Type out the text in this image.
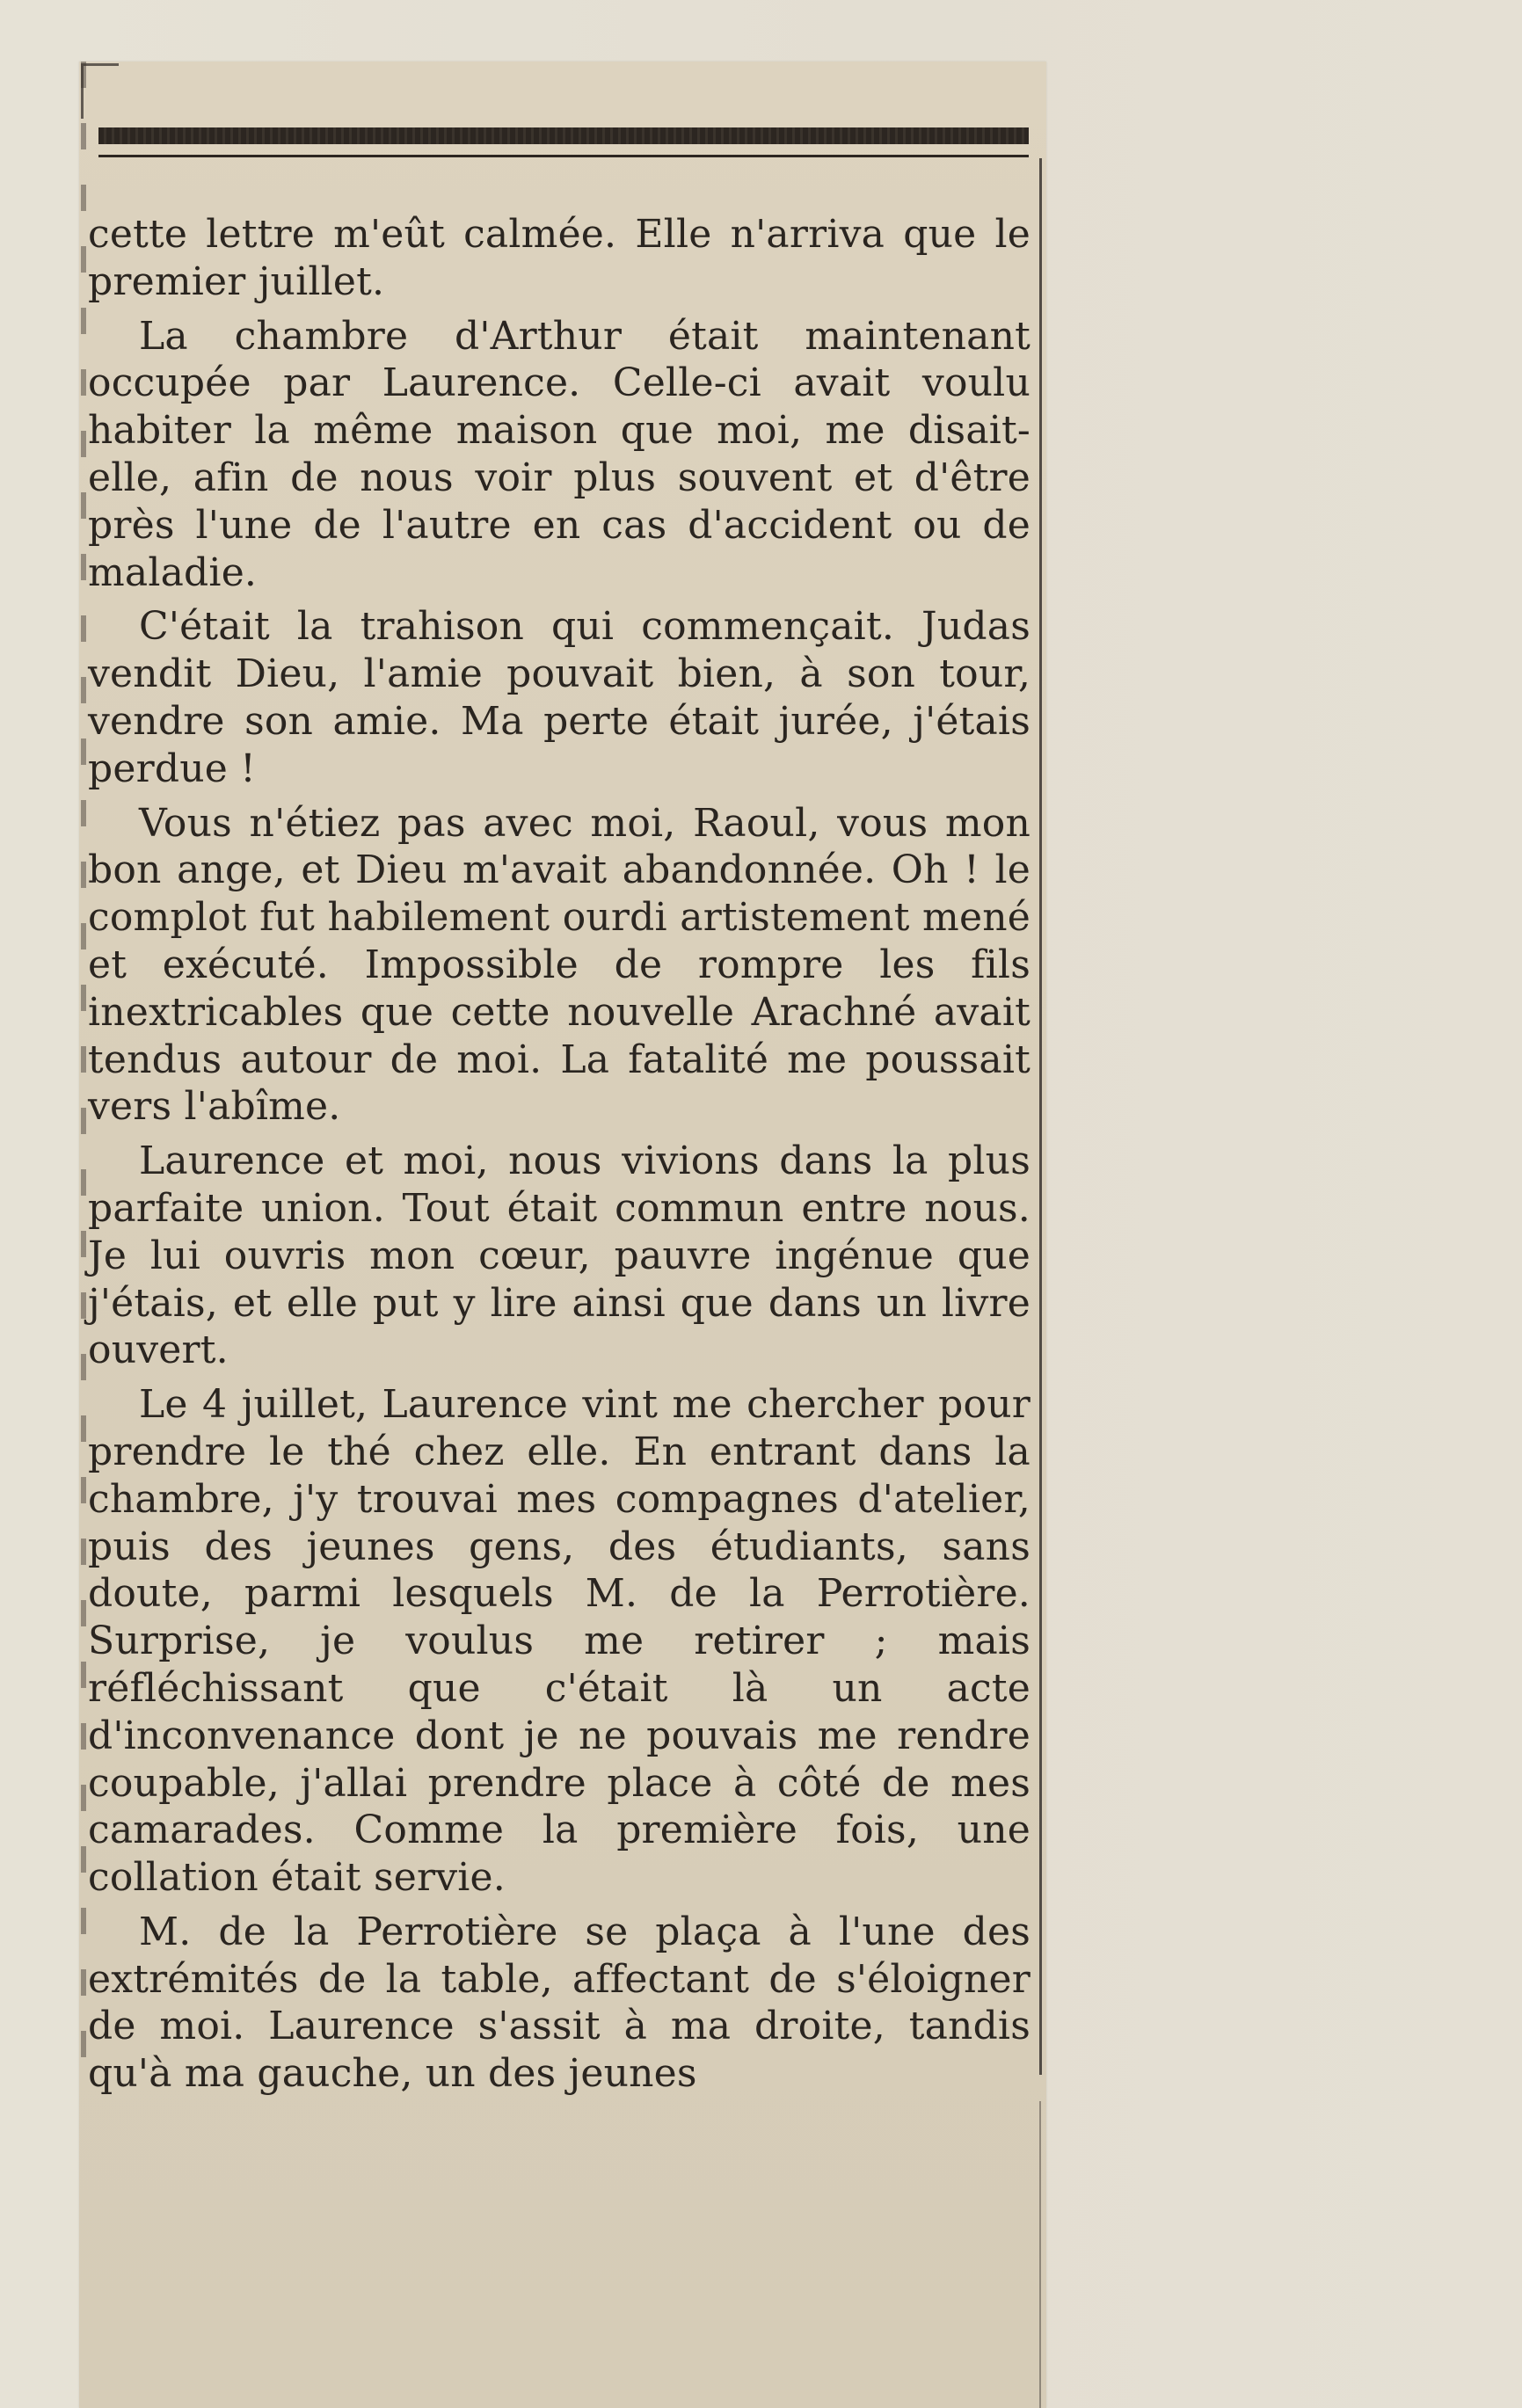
cette lettre m'eût calmée. Elle n'arriva que le premier juillet.

La chambre d'Arthur était maintenant occupée par Laurence. Celle-ci avait voulu habiter la même maison que moi, me disait-elle, afin de nous voir plus souvent et d'être près l'une de l'autre en cas d'accident ou de maladie.

C'était la trahison qui commençait. Judas vendit Dieu, l'amie pouvait bien, à son tour, vendre son amie. Ma perte était jurée, j'étais perdue !

Vous n'étiez pas avec moi, Raoul, vous mon bon ange, et Dieu m'avait abandonnée. Oh ! le complot fut habilement ourdi artistement mené et exécuté. Impossible de rompre les fils inextricables que cette nouvelle Arachné avait tendus autour de moi. La fatalité me poussait vers l'abîme.

Laurence et moi, nous vivions dans la plus parfaite union. Tout était commun entre nous. Je lui ouvris mon cœur, pauvre ingénue que j'étais, et elle put y lire ainsi que dans un livre ouvert.

Le 4 juillet, Laurence vint me chercher pour prendre le thé chez elle. En entrant dans la chambre, j'y trouvai mes compagnes d'atelier, puis des jeunes gens, des étudiants, sans doute, parmi lesquels M. de la Perrotière. Surprise, je voulus me retirer ; mais réfléchissant que c'était là un acte d'inconvenance dont je ne pouvais me rendre coupable, j'allai prendre place à côté de mes camarades. Comme la première fois, une collation était servie.

M. de la Perrotière se plaça à l'une des extrémités de la table, affectant de s'éloigner de moi. Laurence s'assit à ma droite, tandis qu'à ma gauche, un des jeunes
